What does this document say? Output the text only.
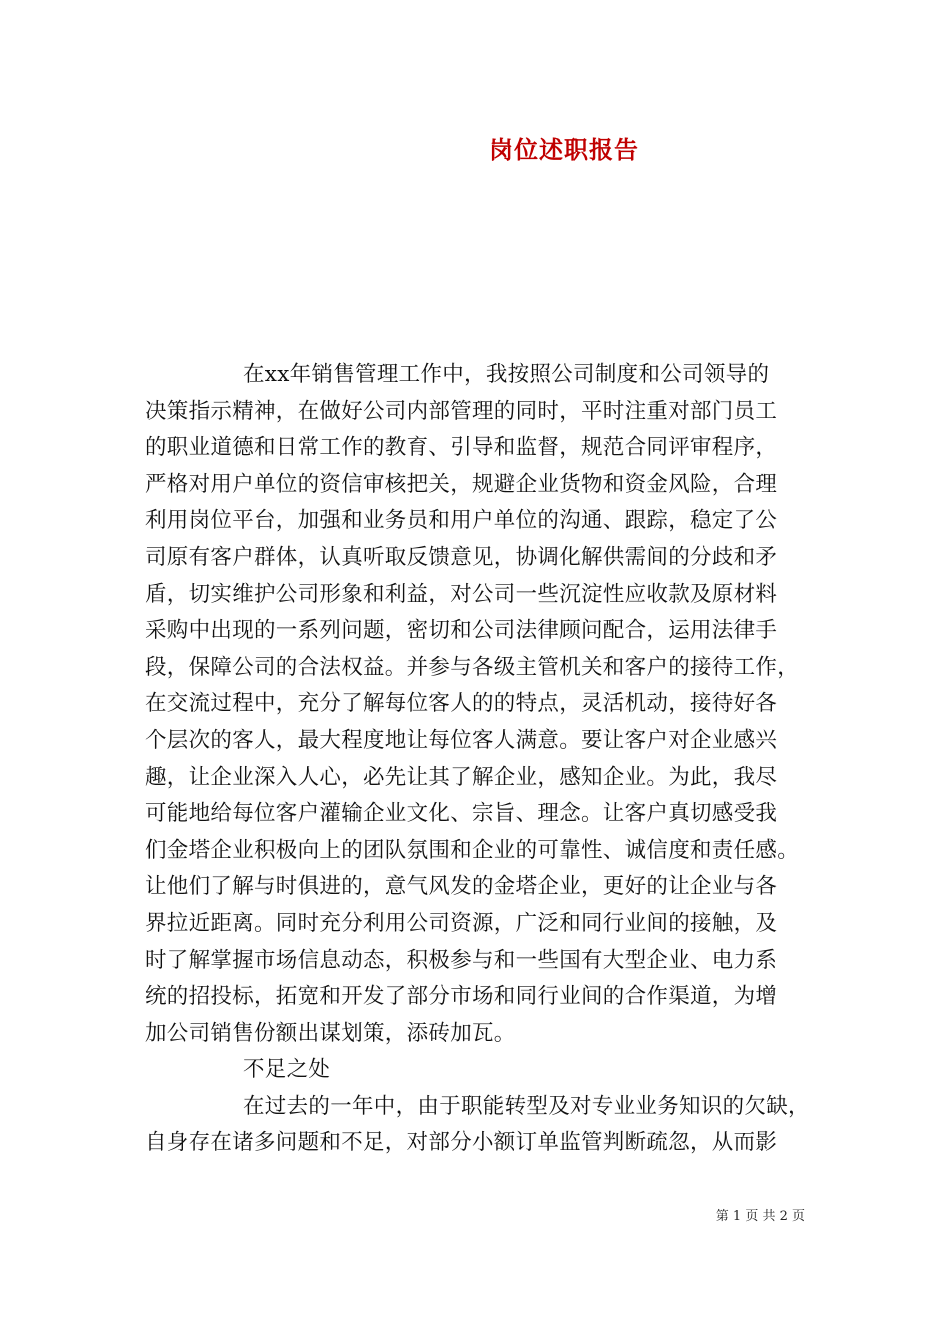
岗位述职报告
在xx年销售管理工作中，我按照公司制度和公司领导的
决策指示精神，在做好公司内部管理的同时，平时注重对部门员工
的职业道德和日常工作的教育、引导和监督，规范合同评审程序，
严格对用户单位的资信审核把关，规避企业货物和资金风险，合理
利用岗位平台，加强和业务员和用户单位的沟通、跟踪，稳定了公
司原有客户群体，认真听取反馈意见，协调化解供需间的分歧和矛
盾，切实维护公司形象和利益，对公司一些沉淀性应收款及原材料
采购中出现的一系列问题，密切和公司法律顾问配合，运用法律手
段，保障公司的合法权益。并参与各级主管机关和客户的接待工作，
在交流过程中，充分了解每位客人的的特点，灵活机动，接待好各
个层次的客人，最大程度地让每位客人满意。要让客户对企业感兴
趣，让企业深入人心，必先让其了解企业，感知企业。为此，我尽
可能地给每位客户灌输企业文化、宗旨、理念。让客户真切感受我
们金塔企业积极向上的团队氛围和企业的可靠性、诚信度和责任感。
让他们了解与时俱进的，意气风发的金塔企业，更好的让企业与各
界拉近距离。同时充分利用公司资源，广泛和同行业间的接触，及
时了解掌握市场信息动态，积极参与和一些国有大型企业、电力系
统的招投标，拓宽和开发了部分市场和同行业间的合作渠道，为增
加公司销售份额出谋划策，添砖加瓦。
不足之处
在过去的一年中，由于职能转型及对专业业务知识的欠缺，
自身存在诸多问题和不足，对部分小额订单监管判断疏忽，从而影
第 1 页 共 2 页
